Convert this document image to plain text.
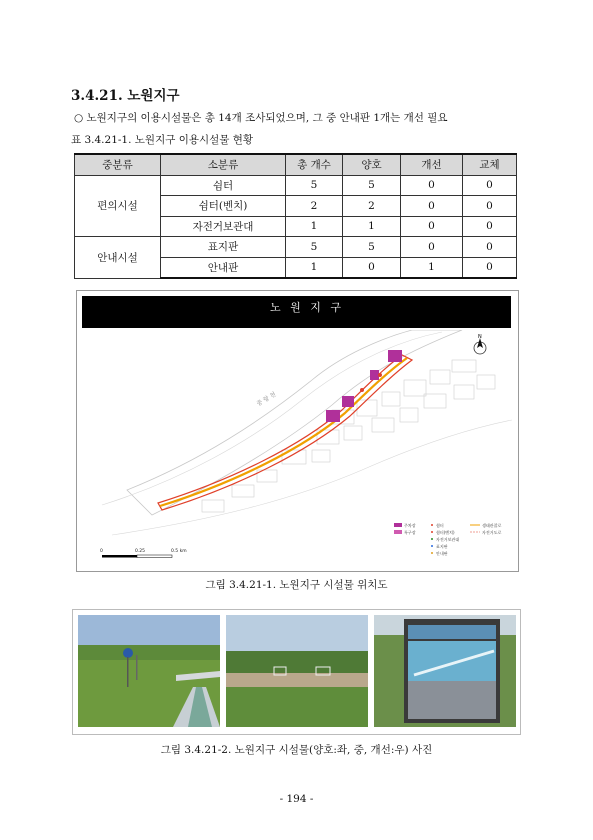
3.4.21. 노원지구
○ 노원지구의 이용시설물은 총 14개 조사되었으며, 그 중 안내판 1개는 개선 필요
표 3.4.21-1. 노원지구 이용시설물 현황
중분류	소분류	총 개수	양호	개선	교체
편의시설	쉼터	5	5	0	0
	쉼터(벤치)	2	2	0	0
	자전거보관대	1	1	0	0
안내시설	표지판	5	5	0	0
	안내판	1	0	1	0
노 원 지 구
중 랑 천
N
주차장
특구장
쉼터
쉼터(벤치)
자전거보관대
표지판
안내판
생태관찰로
자전거도로
0	0.25	0.5 km
그림 3.4.21-1. 노원지구 시설물 위치도
그림 3.4.21-2. 노원지구 시설물(양호:좌, 중, 개선:우) 사진
- 194 -
